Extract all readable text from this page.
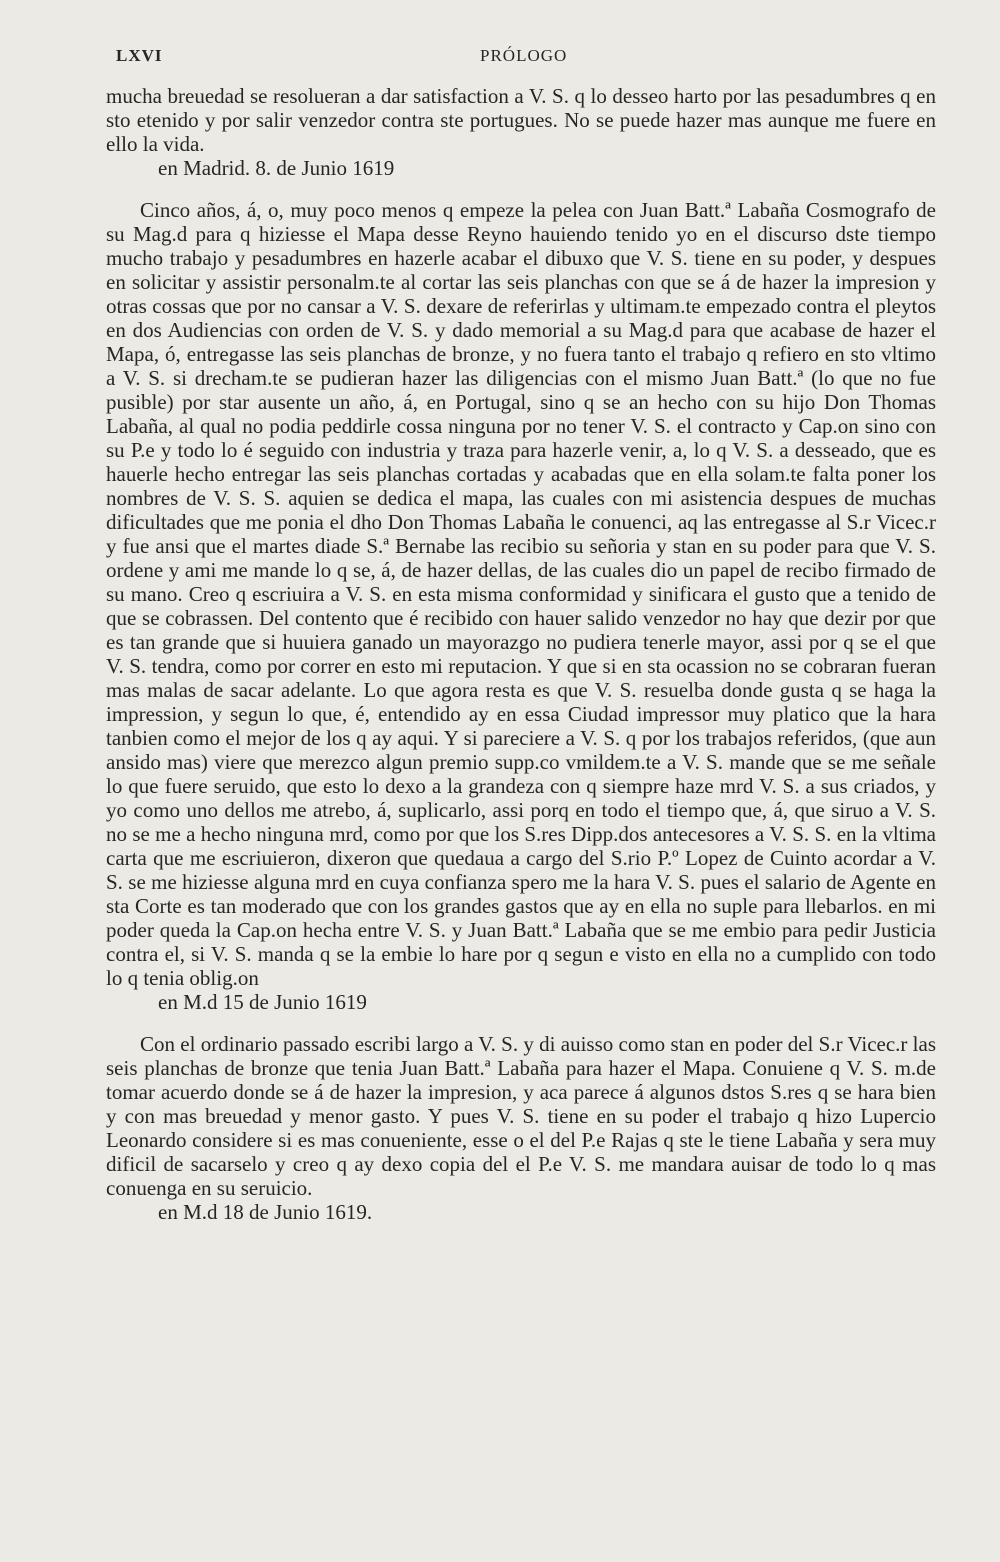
LXVI	PRÓLOGO

mucha breuedad se resolueran a dar satisfaction a V. S. q lo desseo harto por las pesadumbres q en sto etenido y por salir venzedor contra ste portugues. No se puede hazer mas aunque me fuere en ello la vida.

en Madrid. 8. de Junio 1619

Cinco años, á, o, muy poco menos q empeze la pelea con Juan Batt.ª Labaña Cosmografo de su Mag.d para q hiziesse el Mapa desse Reyno hauiendo tenido yo en el discurso dste tiempo mucho trabajo y pesadumbres en hazerle acabar el dibuxo que V. S. tiene en su poder, y despues en solicitar y assistir personalm.te al cortar las seis planchas con que se á de hazer la impresion y otras cossas que por no cansar a V. S. dexare de referirlas y ultimam.te empezado contra el pleytos en dos Audiencias con orden de V. S. y dado memorial a su Mag.d para que acabase de hazer el Mapa, ó, entregasse las seis planchas de bronze, y no fuera tanto el trabajo q refiero en sto vltimo a V. S. si drecham.te se pudieran hazer las diligencias con el mismo Juan Batt.ª (lo que no fue pusible) por star ausente un año, á, en Portugal, sino q se an hecho con su hijo Don Thomas Labaña, al qual no podia peddirle cossa ninguna por no tener V. S. el contracto y Cap.on sino con su P.e y todo lo é seguido con industria y traza para hazerle venir, a, lo q V. S. a desseado, que es hauerle hecho entregar las seis planchas cortadas y acabadas que en ella solam.te falta poner los nombres de V. S. S. aquien se dedica el mapa, las cuales con mi asistencia despues de muchas dificultades que me ponia el dho Don Thomas Labaña le conuenci, aq las entregasse al S.r Vicec.r y fue ansi que el martes diade S.ª Bernabe las recibio su señoria y stan en su poder para que V. S. ordene y ami me mande lo q se, á, de hazer dellas, de las cuales dio un papel de recibo firmado de su mano. Creo q escriuira a V. S. en esta misma conformidad y sinificara el gusto que a tenido de que se cobrassen. Del contento que é recibido con hauer salido venzedor no hay que dezir por que es tan grande que si huuiera ganado un mayorazgo no pudiera tenerle mayor, assi por q se el que V. S. tendra, como por correr en esto mi reputacion. Y que si en sta ocassion no se cobraran fueran mas malas de sacar adelante. Lo que agora resta es que V. S. resuelba donde gusta q se haga la impression, y segun lo que, é, entendido ay en essa Ciudad impressor muy platico que la hara tanbien como el mejor de los q ay aqui. Y si pareciere a V. S. q por los trabajos referidos, (que aun ansido mas) viere que merezco algun premio supp.co vmildem.te a V. S. mande que se me señale lo que fuere seruido, que esto lo dexo a la grandeza con q siempre haze mrd V. S. a sus criados, y yo como uno dellos me atrebo, á, suplicarlo, assi porq en todo el tiempo que, á, que siruo a V. S. no se me a hecho ninguna mrd, como por que los S.res Dipp.dos antecesores a V. S. S. en la vltima carta que me escriuieron, dixeron que quedaua a cargo del S.rio P.º Lopez de Cuinto acordar a V. S. se me hiziesse alguna mrd en cuya confianza spero me la hara V. S. pues el salario de Agente en sta Corte es tan moderado que con los grandes gastos que ay en ella no suple para llebarlos. en mi poder queda la Cap.on hecha entre V. S. y Juan Batt.ª Labaña que se me embio para pedir Justicia contra el, si V. S. manda q se la embie lo hare por q segun e visto en ella no a cumplido con todo lo q tenia oblig.on

en M.d 15 de Junio 1619

Con el ordinario passado escribi largo a V. S. y di auisso como stan en poder del S.r Vicec.r las seis planchas de bronze que tenia Juan Batt.ª Labaña para hazer el Mapa. Conuiene q V. S. m.de tomar acuerdo donde se á de hazer la impresion, y aca parece á algunos dstos S.res q se hara bien y con mas breuedad y menor gasto. Y pues V. S. tiene en su poder el trabajo q hizo Lupercio Leonardo considere si es mas conueniente, esse o el del P.e Rajas q ste le tiene Labaña y sera muy dificil de sacarselo y creo q ay dexo copia del el P.e V. S. me mandara auisar de todo lo q mas conuenga en su seruicio.

en M.d 18 de Junio 1619.
